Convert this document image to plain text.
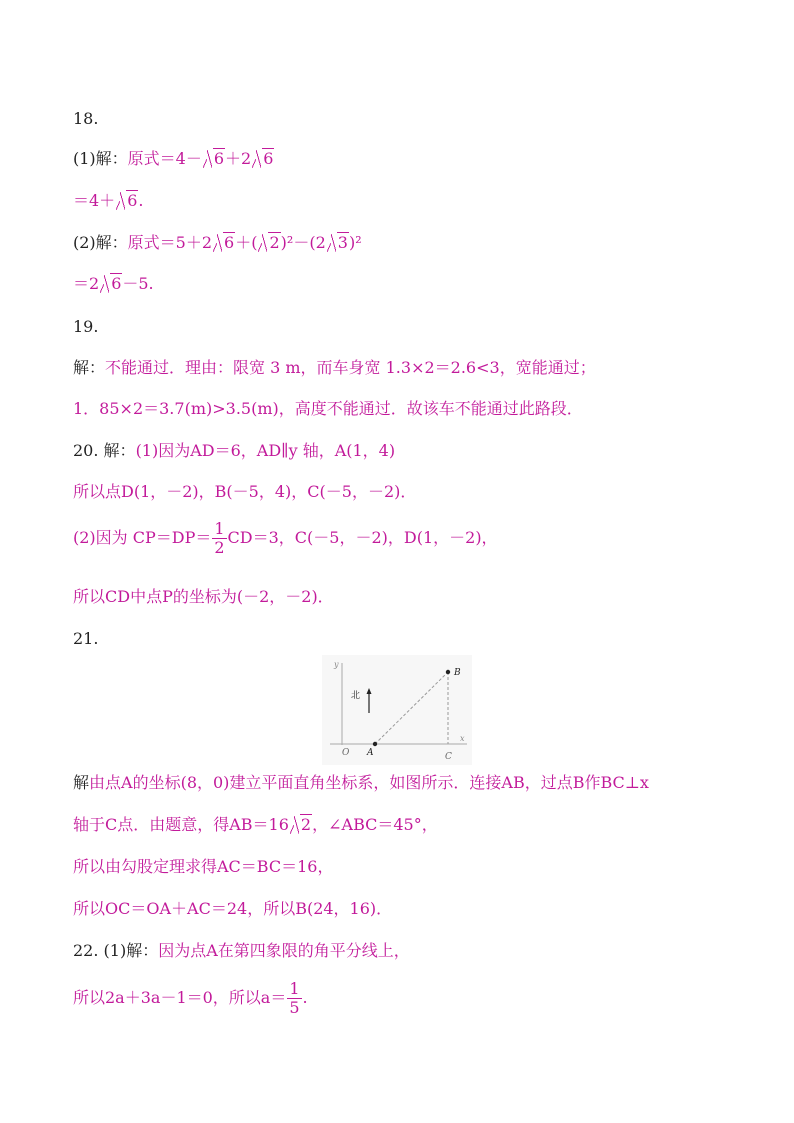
18.
(1)解：原式＝4－ 6＋2 6
＝4＋ 6.
(2)解：原式＝5＋2 6＋( 2)²－(2 3)²
＝2 6－5.
19.
解：不能通过．理由：限宽 3 m，而车身宽 1.3×2＝2.6<3，宽能通过；
1．85×2＝3.7(m)>3.5(m)，高度不能通过．故该车不能通过此路段．
20. 解：(1)因为AD＝6，AD∥y 轴，A(1，4)
所以点D(1，－2)，B(－5，4)，C(－5，－2)．
(2)因为 $CP=DP= \frac{1}{2} CD=3$，C(－5，－2)，D(1，－2)，
所以CD中点P的坐标为(－2，－2)．
21.
y
x
O A
B
C
北
解由点A的坐标(8，0)建立平面直角坐标系，如图所示．连接AB，过点B作BC⊥x
轴于C点．由题意，得AB＝16 2，∠ABC＝45°，
所以由勾股定理求得AC＝BC＝16，
所以OC＝OA＋AC＝24，所以B(24，16)．
22. (1)解：因为点A在第四象限的角平分线上，
所以2a＋3a－1＝0，所以$a= \frac{1}{5}$ .
